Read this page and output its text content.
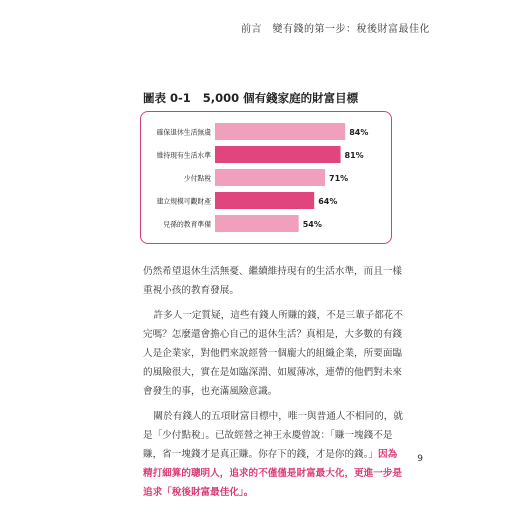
前言　變有錢的第一步：稅後財富最佳化
圖表 0-1 5,000 個有錢家庭的財富目標
確保退休生活無虞	84%
維持現有生活水準	81%
少付點稅	71%
建立規模可觀財產	64%
兒孫的教育準備	54%

仍然希望退休生活無憂、繼續維持現有的生活水準，而且一樣重視小孩的教育發展。

許多人一定質疑，這些有錢人所賺的錢，不是三輩子都花不完嗎？怎麼還會擔心自己的退休生活？真相是，大多數的有錢人是企業家，對他們來說經營一個龐大的組織企業，所要面臨的風險很大，實在是如臨深淵、如履薄冰，連帶的他們對未來會發生的事，也充滿風險意識。

關於有錢人的五項財富目標中，唯一與普通人不相同的，就是「少付點稅」。已故經營之神王永慶曾說：「賺一塊錢不是賺，省一塊錢才是真正賺。你存下的錢，才是你的錢。」因為精打細算的聰明人，追求的不僅僅是財富最大化，更進一步是追求「稅後財富最佳化」。

9
